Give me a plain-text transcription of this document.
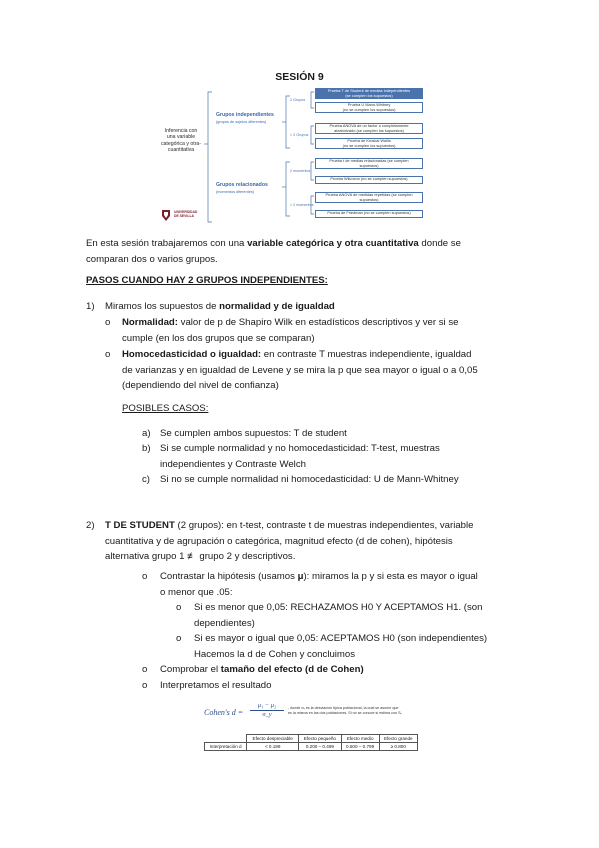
SESIÓN 9
Inferencia con
una variable
categórica y otra-
cuantitativa
Grupos independientes
(grupos de sujetos diferentes)
Grupos relacionados
(momentos diferentes)
2 Grupos
> 2 Grupos
2 momentos
> 2 momentos
Prueba T de Student de medias independientes
(se cumplen los supuestos)
Prueba U Mann-Whitney
(no se cumplen los supuestos)
Prueba ANOVA de un factor o completamente
aleatorizado (se cumplen los supuestos)
Prueba de Kruskal Wallis
(no se cumplen los supuestos)
Prueba t de medias relacionadas (se cumplen
supuestos)
Prueba Wilcoxon (no se cumplen supuestos)
Prueba ANOVA de medidas repetidas (se cumplen
supuestos)
Prueba de Friedman (no se cumplen supuestos)
UNIVERSIDAD
DE SEVILLA
En esta sesión trabajaremos con una variable categórica y otra cuantitativa donde se
comparan dos o varios grupos.
PASOS CUANDO HAY 2 GRUPOS INDEPENDIENTES:
1) Miramos los supuestos de normalidad y de igualdad
o Normalidad: valor de p de Shapiro Wilk en estadísticos descriptivos y ver si se
cumple (en los dos grupos que se comparan)
o Homocedasticidad o igualdad: en contraste T muestras independiente, igualdad
de varianzas y en igualdad de Levene y se mira la p que sea mayor o igual o a 0,05
(dependiendo del nivel de confianza)
POSIBLES CASOS:
a) Se cumplen ambos supuestos: T de student
b) Si se cumple normalidad y no homocedasticidad: T-test, muestras
independientes y Contraste Welch
c) Si no se cumple normalidad ni homocedasticidad: U de Mann-Whitney
2) T DE STUDENT (2 grupos): en t-test, contraste t de muestras independientes, variable
cuantitativa y de agrupación o categórica, magnitud efecto (d de cohen), hipótesis
alternativa grupo 1 ≢ grupo 2 y descriptivos.
o Contrastar la hipótesis (usamos μ): miramos la p y si esta es mayor o igual
o menor que .05:
o Si es menor que 0,05: RECHAZAMOS H0 Y ACEPTAMOS H1. (son
dependientes)
o Si es mayor o igual que 0,05: ACEPTAMOS H0 (son independientes)
Hacemos la d de Cohen y concluimos
o Comprobar el tamaño del efecto (d de Cohen)
o Interpretamos el resultado
Cohen's $d = \frac{\text{μ₁ − μ₂}}{\sigma\_y}$ , donde σᵧ es la desviación típica poblacional, la cual se asume que
es la misma en las dos poblaciones. Si no se conoce si estima con Sᵧ
	Efecto despreciable	Efecto pequeño	Efecto medio	Efecto grande
Interpretación d	< 0.199	0.200 – 0.499	0.500 – 0.799	≥ 0.800
